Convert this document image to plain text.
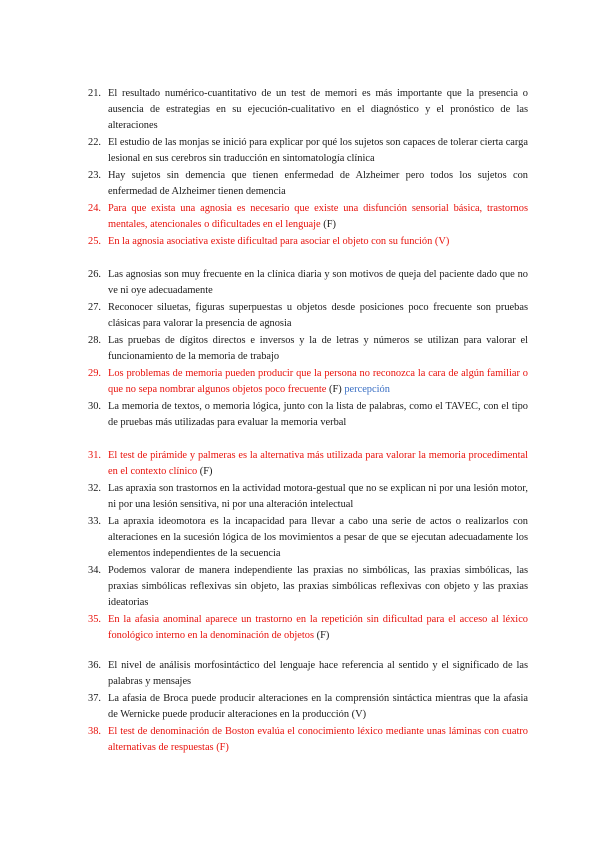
21. El resultado numérico-cuantitativo de un test de memori es más importante que la presencia o ausencia de estrategias en su ejecución-cualitativo en el diagnóstico y el pronóstico de las alteraciones
22. El estudio de las monjas se inició para explicar por qué los sujetos son capaces de tolerar cierta carga lesional en sus cerebros sin traducción en sintomatología clínica
23. Hay sujetos sin demencia que tienen enfermedad de Alzheimer pero todos los sujetos con enfermedad de Alzheimer tienen demencia
24. Para que exista una agnosia es necesario que existe una disfunción sensorial básica, trastornos mentales, atencionales o dificultades en el lenguaje (F)
25. En la agnosia asociativa existe dificultad para asociar el objeto con su función (V)
26. Las agnosias son muy frecuente en la clínica diaria y son motivos de queja del paciente dado que no ve ni oye adecuadamente
27. Reconocer siluetas, figuras superpuestas u objetos desde posiciones poco frecuente son pruebas clásicas para valorar la presencia de agnosia
28. Las pruebas de dígitos directos e inversos y la de letras y números se utilizan para valorar el funcionamiento de la memoria de trabajo
29. Los problemas de memoria pueden producir que la persona no reconozca la cara de algún familiar o que no sepa nombrar algunos objetos poco frecuente (F) percepción
30. La memoria de textos, o memoria lógica, junto con la lista de palabras, como el TAVEC, con el tipo de pruebas más utilizadas para evaluar la memoria verbal
31. El test de pirámide y palmeras es la alternativa más utilizada para valorar la memoria procedimental en el contexto clínico (F)
32. Las apraxia son trastornos en la actividad motora-gestual que no se explican ni por una lesión motor, ni por una lesión sensitiva, ni por una alteración intelectual
33. La apraxia ideomotora es la incapacidad para llevar a cabo una serie de actos o realizarlos con alteraciones en la sucesión lógica de los movimientos a pesar de que se ejecutan adecuadamente los elementos independientes de la secuencia
34. Podemos valorar de manera independiente las praxias no simbólicas, las praxias simbólicas, las praxias simbólicas reflexivas sin objeto, las praxias simbólicas reflexivas con objeto y las praxias ideatorias
35. En la afasia anominal aparece un trastorno en la repetición sin dificultad para el acceso al léxico fonológico interno en la denominación de objetos (F)
36. El nivel de análisis morfosintáctico del lenguaje hace referencia al sentido y el significado de las palabras y mensajes
37. La afasia de Broca puede producir alteraciones en la comprensión sintáctica mientras que la afasia de Wernicke puede producir alteraciones en la producción (V)
38. El test de denominación de Boston evalúa el conocimiento léxico mediante unas láminas con cuatro alternativas de respuestas (F)
